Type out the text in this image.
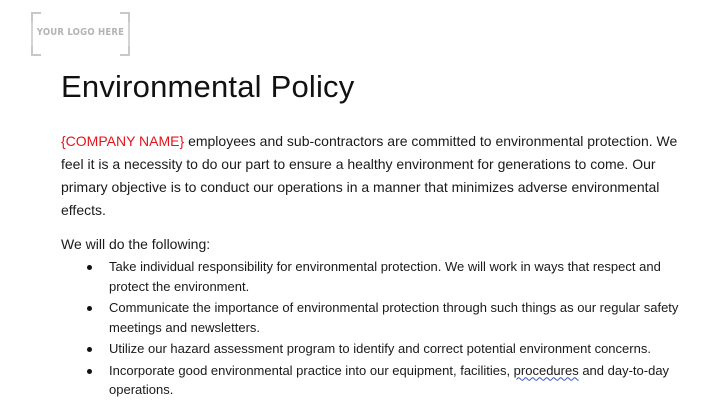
YOUR LOGO HERE
Environmental Policy

{COMPANY NAME} employees and sub-contractors are committed to environmental protection. We feel it is a necessity to do our part to ensure a healthy environment for generations to come. Our primary objective is to conduct our operations in a manner that minimizes adverse environmental effects.

We will do the following:

Take individual responsibility for environmental protection. We will work in ways that respect and protect the environment.
Communicate the importance of environmental protection through such things as our regular safety meetings and newsletters.
Utilize our hazard assessment program to identify and correct potential environment concerns.
Incorporate good environmental practice into our equipment, facilities, procedures and day-to-day operations.
